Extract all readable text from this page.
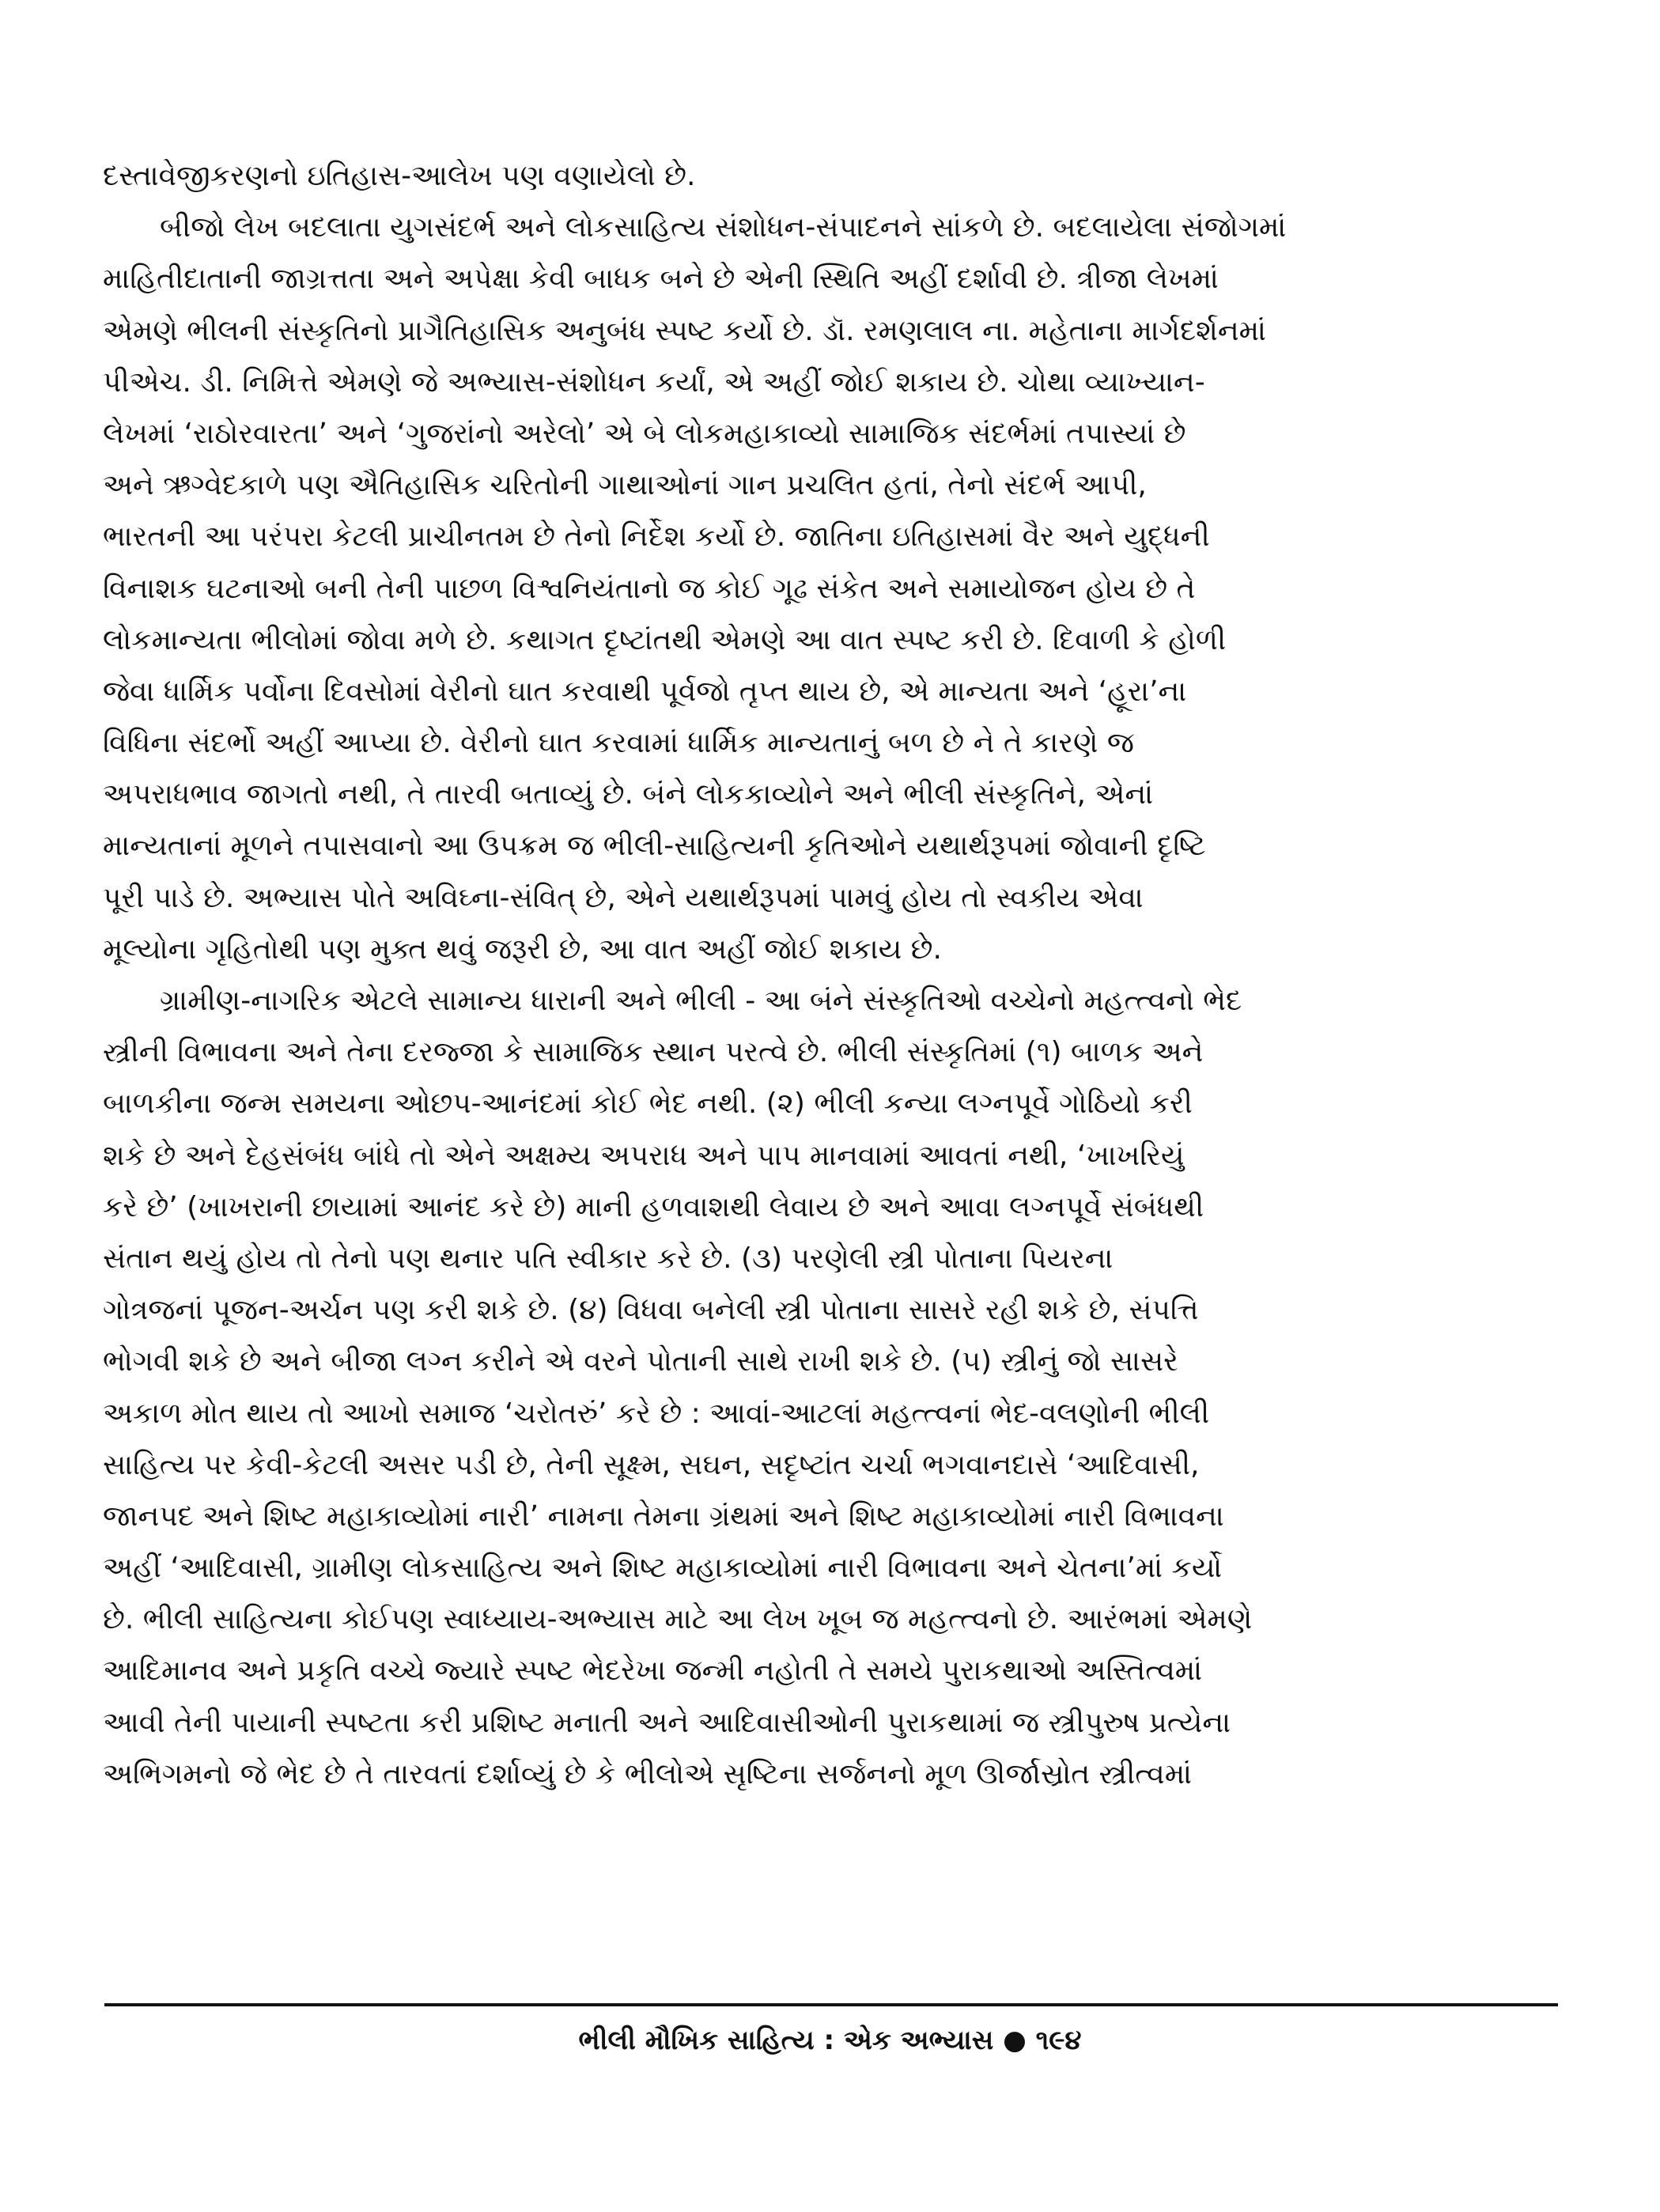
દસ્તાવેજીકરણનો ઇતિહાસ-આલેખ પણ વણાયેલો છે.
બીજો લેખ બદલાતા યુગસંદર્ભ અને લોકસાહિત્ય સંશોધન-સંપાદનને સાંકળે છે. બદલાયેલા સંજોગમાં
માહિતીદાતાની જાગ્રત્તતા અને અપેક્ષા કેવી બાધક બને છે એની સ્થિતિ અહીં દર્શાવી છે. ત્રીજા લેખમાં
એમણે ભીલની સંસ્કૃતિનો પ્રાગૈતિહાસિક અનુબંધ સ્પષ્ટ કર્યો છે. ડૉ. રમણલાલ ના. મહેતાના માર્ગદર્શનમાં
પીએચ. ડી. નિમિત્તે એમણે જે અભ્યાસ-સંશોધન કર્યાં, એ અહીં જોઈ શકાય છે. ચોથા વ્યાખ્યાન-
લેખમાં ‘રાઠોરવારતા’ અને ‘ગુજરાંનો અરેલો’ એ બે લોકમહાકાવ્યો સામાજિક સંદર્ભમાં તપાસ્યાં છે
અને ઋગ્વેદકાળે પણ ઐતિહાસિક ચરિતોની ગાથાઓનાં ગાન પ્રચલિત હતાં, તેનો સંદર્ભ આપી,
ભારતની આ પરંપરા કેટલી પ્રાચીનતમ છે તેનો નિર્દેશ કર્યો છે. જાતિના ઇતિહાસમાં વૈર અને યુદ્ધની
વિનાશક ઘટનાઓ બની તેની પાછળ વિશ્વનિયંતાનો જ કોઈ ગૂઢ સંકેત અને સમાયોજન હોય છે તે
લોકમાન્યતા ભીલોમાં જોવા મળે છે. કથાગત દૃષ્ટાંતથી એમણે આ વાત સ્પષ્ટ કરી છે. દિવાળી કે હોળી
જેવા ધાર્મિક પર્વોના દિવસોમાં વેરીનો ઘાત કરવાથી પૂર્વજો તૃપ્ત થાય છે, એ માન્યતા અને ‘હૂરા’ના
વિધિના સંદર્ભો અહીં આપ્યા છે. વેરીનો ઘાત કરવામાં ધાર્મિક માન્યતાનું બળ છે ને તે કારણે જ
અપરાધભાવ જાગતો નથી, તે તારવી બતાવ્યું છે. બંને લોકકાવ્યોને અને ભીલી સંસ્કૃતિને, એનાં
માન્યતાનાં મૂળને તપાસવાનો આ ઉપક્રમ જ ભીલી-સાહિત્યની કૃતિઓને યથાર્થરૂપમાં જોવાની દૃષ્ટિ
પૂરી પાડે છે. અભ્યાસ પોતે અવિઘ્ના-સંવિત્ છે, એને યથાર્થરૂપમાં પામવું હોય તો સ્વકીય એવા
મૂલ્યોના ગૃહિતોથી પણ મુક્ત થવું જરૂરી છે, આ વાત અહીં જોઈ શકાય છે.
ગ્રામીણ-નાગરિક એટલે સામાન્ય ધારાની અને ભીલી - આ બંને સંસ્કૃતિઓ વચ્ચેનો મહત્ત્વનો ભેદ
સ્ત્રીની વિભાવના અને તેના દરજ્જા કે સામાજિક સ્થાન પરત્વે છે. ભીલી સંસ્કૃતિમાં (૧) બાળક અને
બાળકીના જન્મ સમયના ઓછપ-આનંદમાં કોઈ ભેદ નથી. (૨) ભીલી કન્યા લગ્નપૂર્વે ગોઠિયો કરી
શકે છે અને દેહસંબંધ બાંધે તો એને અક્ષમ્ય અપરાધ અને પાપ માનવામાં આવતાં નથી, ‘ખાખરિયું
કરે છે’ (ખાખરાની છાયામાં આનંદ કરે છે) માની હળવાશથી લેવાય છે અને આવા લગ્નપૂર્વે સંબંધથી
સંતાન થયું હોય તો તેનો પણ થનાર પતિ સ્વીકાર કરે છે. (૩) પરણેલી સ્ત્રી પોતાના પિયરના
ગોત્રજનાં પૂજન-અર્ચન પણ કરી શકે છે. (૪) વિધવા બનેલી સ્ત્રી પોતાના સાસરે રહી શકે છે, સંપત્તિ
ભોગવી શકે છે અને બીજા લગ્ન કરીને એ વરને પોતાની સાથે રાખી શકે છે. (૫) સ્ત્રીનું જો સાસરે
અકાળ મોત થાય તો આખો સમાજ ‘ચરોતરું’ કરે છે : આવાં-આટલાં મહત્ત્વનાં ભેદ-વલણોની ભીલી
સાહિત્ય પર કેવી-કેટલી અસર પડી છે, તેની સૂક્ષ્મ, સઘન, સદૃષ્ટાંત ચર્ચા ભગવાનદાસે ‘આદિવાસી,
જાનપદ અને શિષ્ટ મહાકાવ્યોમાં નારી’ નામના તેમના ગ્રંથમાં અને શિષ્ટ મહાકાવ્યોમાં નારી વિભાવના
અહીં ‘આદિવાસી, ગ્રામીણ લોકસાહિત્ય અને શિષ્ટ મહાકાવ્યોમાં નારી વિભાવના અને ચેતના’માં કર્યો
છે. ભીલી સાહિત્યના કોઈપણ સ્વાધ્યાય-અભ્યાસ માટે આ લેખ ખૂબ જ મહત્ત્વનો છે. આરંભમાં એમણે
આદિમાનવ અને પ્રકૃતિ વચ્ચે જ્યારે સ્પષ્ટ ભેદરેખા જન્મી નહોતી તે સમયે પુરાકથાઓ અસ્તિત્વમાં
આવી તેની પાયાની સ્પષ્ટતા કરી પ્રશિષ્ટ મનાતી અને આદિવાસીઓની પુરાકથામાં જ સ્ત્રીપુરુષ પ્રત્યેના
અભિગમનો જે ભેદ છે તે તારવતાં દર્શાવ્યું છે કે ભીલોએ સૃષ્ટિના સર્જનનો મૂળ ઊર્જાસ્રોત સ્ત્રીત્વમાં
ભીલી મૌખિક સાહિત્ય : એક અભ્યાસ ● ૧૯૪
